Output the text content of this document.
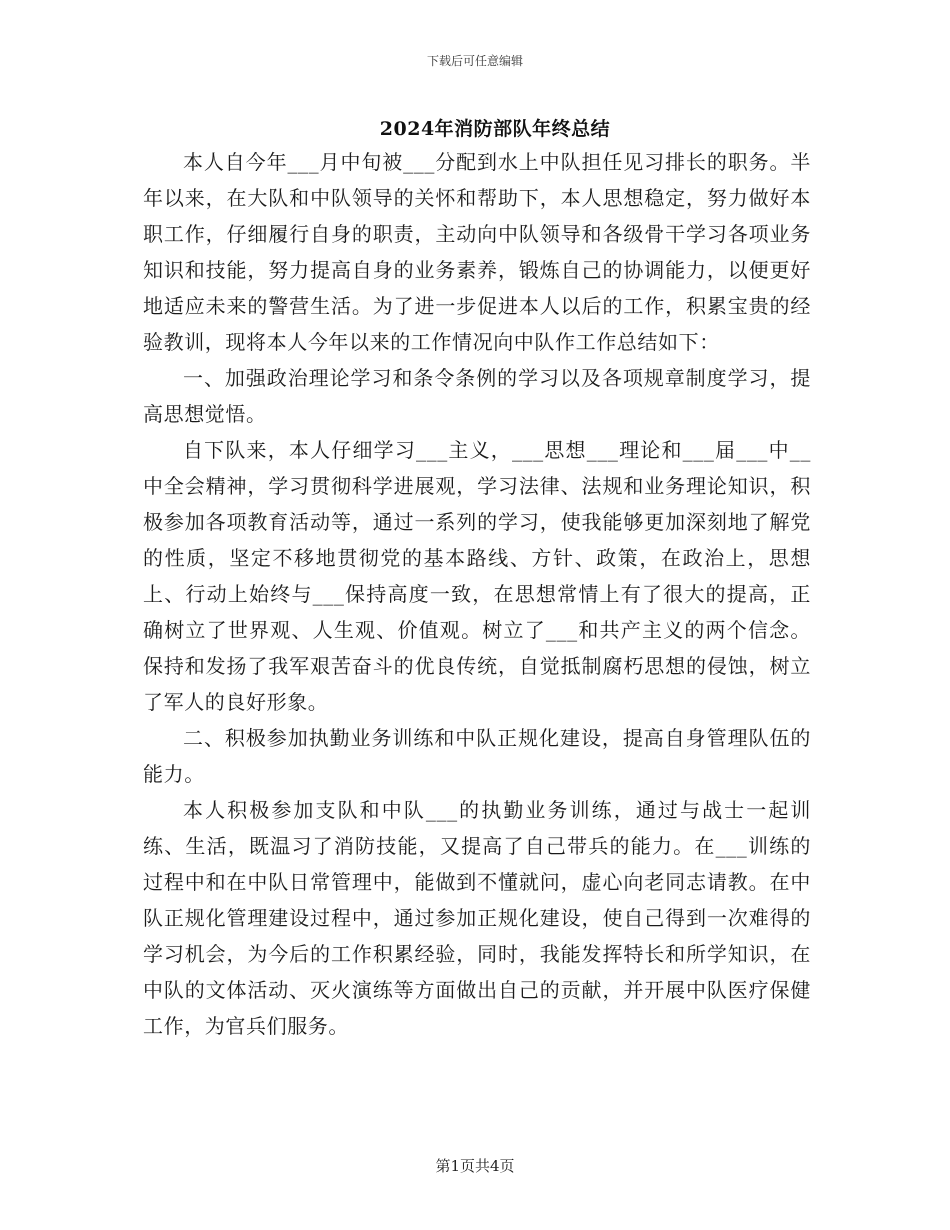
下载后可任意编辑
2024年消防部队年终总结

本人自今年___月中旬被___分配到水上中队担任见习排长的职务。半年以来，在大队和中队领导的关怀和帮助下，本人思想稳定，努力做好本职工作，仔细履行自身的职责，主动向中队领导和各级骨干学习各项业务知识和技能，努力提高自身的业务素养，锻炼自己的协调能力，以便更好地适应未来的警营生活。为了进一步促进本人以后的工作，积累宝贵的经验教训，现将本人今年以来的工作情况向中队作工作总结如下：

一、加强政治理论学习和条令条例的学习以及各项规章制度学习，提高思想觉悟。

自下队来，本人仔细学习___主义，___思想___理论和___届___中__中全会精神，学习贯彻科学进展观，学习法律、法规和业务理论知识，积极参加各项教育活动等，通过一系列的学习，使我能够更加深刻地了解党的性质，坚定不移地贯彻党的基本路线、方针、政策，在政治上，思想上、行动上始终与___保持高度一致，在思想常情上有了很大的提高，正确树立了世界观、人生观、价值观。树立了___和共产主义的两个信念。保持和发扬了我军艰苦奋斗的优良传统，自觉抵制腐朽思想的侵蚀，树立了军人的良好形象。

二、积极参加执勤业务训练和中队正规化建设，提高自身管理队伍的能力。

本人积极参加支队和中队___的执勤业务训练，通过与战士一起训练、生活，既温习了消防技能，又提高了自己带兵的能力。在___训练的过程中和在中队日常管理中，能做到不懂就问，虚心向老同志请教。在中队正规化管理建设过程中，通过参加正规化建设，使自己得到一次难得的学习机会，为今后的工作积累经验，同时，我能发挥特长和所学知识，在中队的文体活动、灭火演练等方面做出自己的贡献，并开展中队医疗保健工作，为官兵们服务。

第1页共4页
